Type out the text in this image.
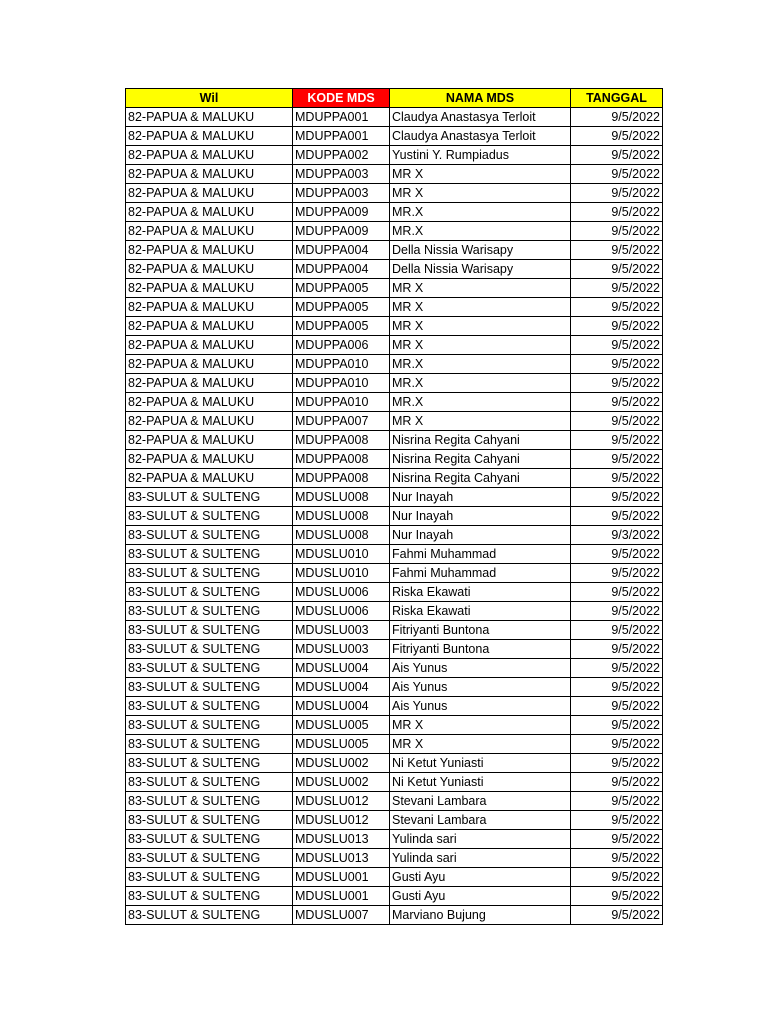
Wil	KODE MDS	NAMA MDS	TANGGAL
82-PAPUA & MALUKU	MDUPPA001	Claudya Anastasya Terloit	9/5/2022
82-PAPUA & MALUKU	MDUPPA001	Claudya Anastasya Terloit	9/5/2022
82-PAPUA & MALUKU	MDUPPA002	Yustini Y. Rumpiadus	9/5/2022
82-PAPUA & MALUKU	MDUPPA003	MR X	9/5/2022
82-PAPUA & MALUKU	MDUPPA003	MR X	9/5/2022
82-PAPUA & MALUKU	MDUPPA009	MR.X	9/5/2022
82-PAPUA & MALUKU	MDUPPA009	MR.X	9/5/2022
82-PAPUA & MALUKU	MDUPPA004	Della Nissia Warisapy	9/5/2022
82-PAPUA & MALUKU	MDUPPA004	Della Nissia Warisapy	9/5/2022
82-PAPUA & MALUKU	MDUPPA005	MR X	9/5/2022
82-PAPUA & MALUKU	MDUPPA005	MR X	9/5/2022
82-PAPUA & MALUKU	MDUPPA005	MR X	9/5/2022
82-PAPUA & MALUKU	MDUPPA006	MR X	9/5/2022
82-PAPUA & MALUKU	MDUPPA010	MR.X	9/5/2022
82-PAPUA & MALUKU	MDUPPA010	MR.X	9/5/2022
82-PAPUA & MALUKU	MDUPPA010	MR.X	9/5/2022
82-PAPUA & MALUKU	MDUPPA007	MR X	9/5/2022
82-PAPUA & MALUKU	MDUPPA008	Nisrina Regita Cahyani	9/5/2022
82-PAPUA & MALUKU	MDUPPA008	Nisrina Regita Cahyani	9/5/2022
82-PAPUA & MALUKU	MDUPPA008	Nisrina Regita Cahyani	9/5/2022
83-SULUT & SULTENG	MDUSLU008	Nur Inayah	9/5/2022
83-SULUT & SULTENG	MDUSLU008	Nur Inayah	9/5/2022
83-SULUT & SULTENG	MDUSLU008	Nur Inayah	9/3/2022
83-SULUT & SULTENG	MDUSLU010	Fahmi Muhammad	9/5/2022
83-SULUT & SULTENG	MDUSLU010	Fahmi Muhammad	9/5/2022
83-SULUT & SULTENG	MDUSLU006	Riska Ekawati	9/5/2022
83-SULUT & SULTENG	MDUSLU006	Riska Ekawati	9/5/2022
83-SULUT & SULTENG	MDUSLU003	Fitriyanti Buntona	9/5/2022
83-SULUT & SULTENG	MDUSLU003	Fitriyanti Buntona	9/5/2022
83-SULUT & SULTENG	MDUSLU004	Ais Yunus	9/5/2022
83-SULUT & SULTENG	MDUSLU004	Ais Yunus	9/5/2022
83-SULUT & SULTENG	MDUSLU004	Ais Yunus	9/5/2022
83-SULUT & SULTENG	MDUSLU005	MR X	9/5/2022
83-SULUT & SULTENG	MDUSLU005	MR X	9/5/2022
83-SULUT & SULTENG	MDUSLU002	Ni Ketut Yuniasti	9/5/2022
83-SULUT & SULTENG	MDUSLU002	Ni Ketut Yuniasti	9/5/2022
83-SULUT & SULTENG	MDUSLU012	Stevani Lambara	9/5/2022
83-SULUT & SULTENG	MDUSLU012	Stevani Lambara	9/5/2022
83-SULUT & SULTENG	MDUSLU013	Yulinda sari	9/5/2022
83-SULUT & SULTENG	MDUSLU013	Yulinda sari	9/5/2022
83-SULUT & SULTENG	MDUSLU001	Gusti Ayu	9/5/2022
83-SULUT & SULTENG	MDUSLU001	Gusti Ayu	9/5/2022
83-SULUT & SULTENG	MDUSLU007	Marviano Bujung	9/5/2022
